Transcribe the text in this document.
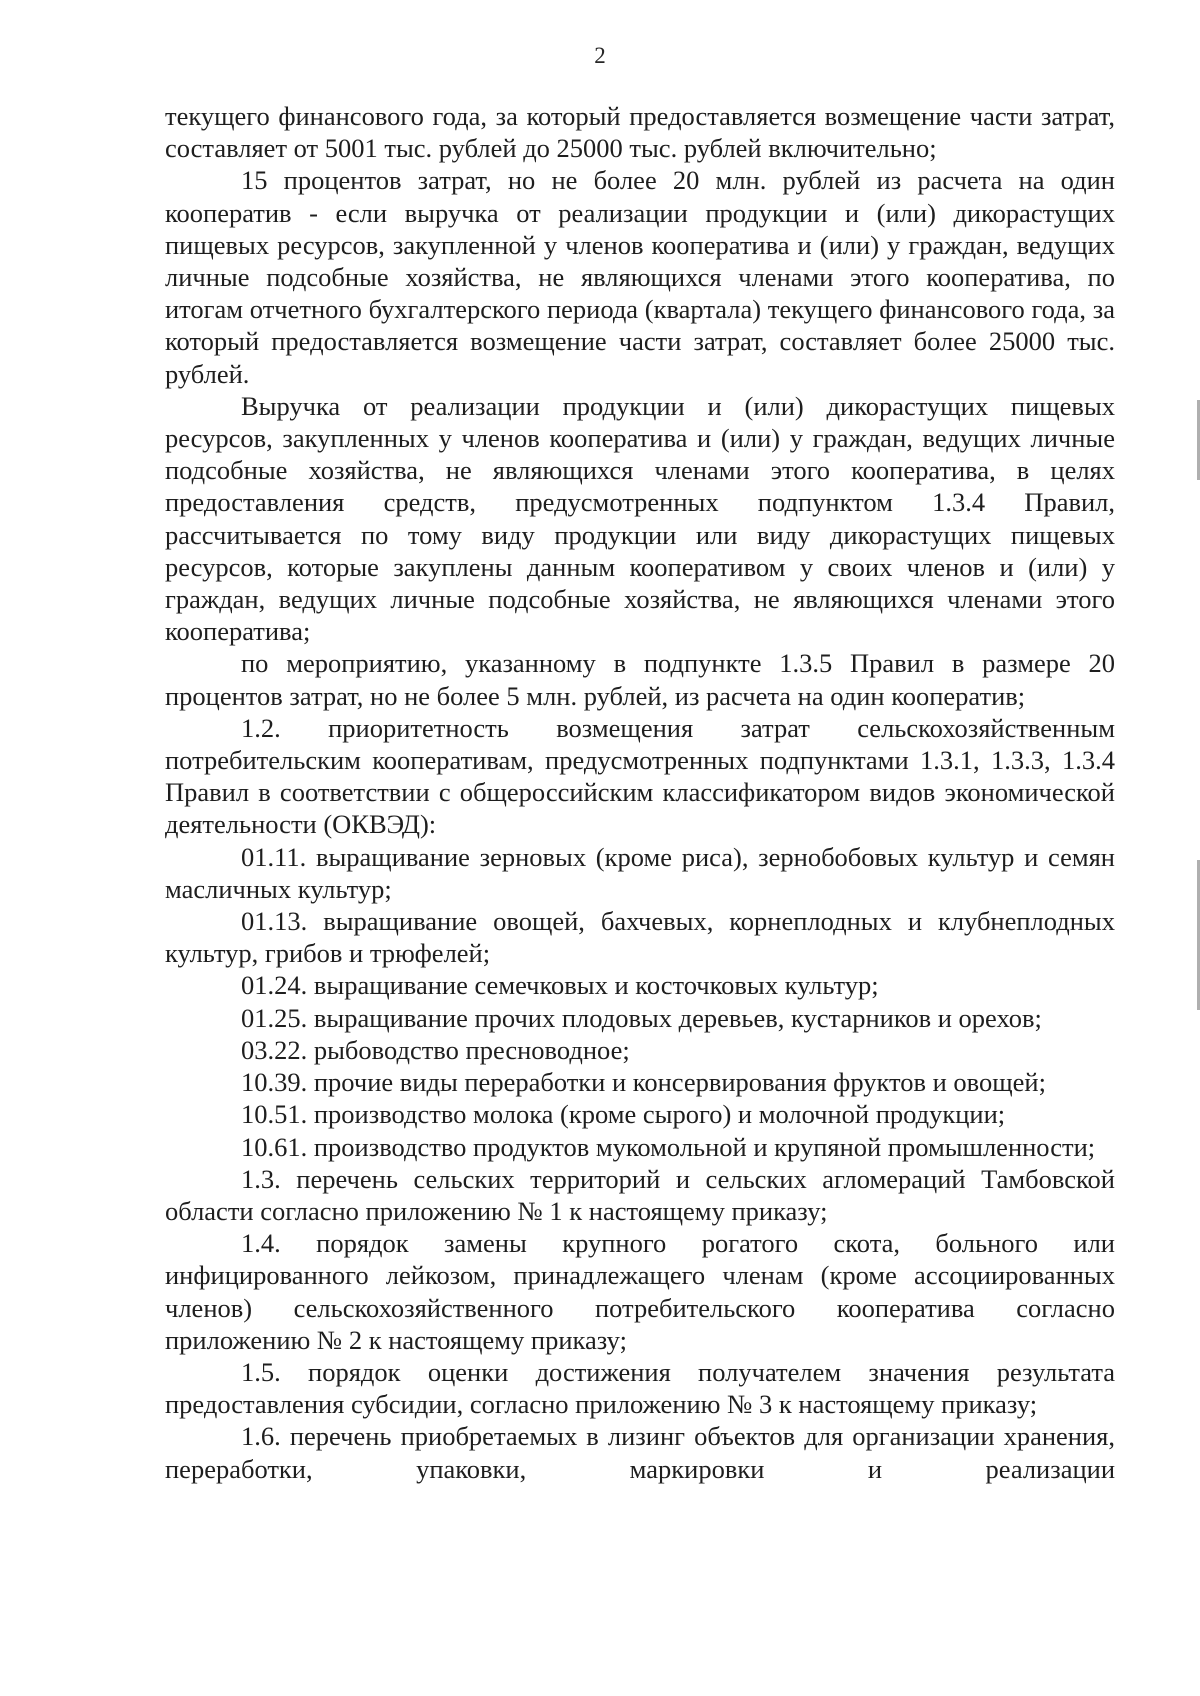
2

текущего финансового года, за который предоставляется возмещение части затрат, составляет от 5001 тыс. рублей до 25000 тыс. рублей включительно;

15 процентов затрат, но не более 20 млн. рублей из расчета на один кооператив - если выручка от реализации продукции и (или) дикорастущих пищевых ресурсов, закупленной у членов кооператива и (или) у граждан, ведущих личные подсобные хозяйства, не являющихся членами этого кооператива, по итогам отчетного бухгалтерского периода (квартала) текущего финансового года, за который предоставляется возмещение части затрат, составляет более 25000 тыс. рублей.

Выручка от реализации продукции и (или) дикорастущих пищевых ресурсов, закупленных у членов кооператива и (или) у граждан, ведущих личные подсобные хозяйства, не являющихся членами этого кооператива, в целях предоставления средств, предусмотренных подпунктом 1.3.4 Правил, рассчитывается по тому виду продукции или виду дикорастущих пищевых ресурсов, которые закуплены данным кооперативом у своих членов и (или) у граждан, ведущих личные подсобные хозяйства, не являющихся членами этого кооператива;

по мероприятию, указанному в подпункте 1.3.5 Правил в размере 20 процентов затрат, но не более 5 млн. рублей, из расчета на один кооператив;

1.2. приоритетность возмещения затрат сельскохозяйственным потребительским кооперативам, предусмотренных подпунктами 1.3.1, 1.3.3, 1.3.4 Правил в соответствии с общероссийским классификатором видов экономической деятельности (ОКВЭД):

01.11. выращивание зерновых (кроме риса), зернобобовых культур и семян масличных культур;

01.13. выращивание овощей, бахчевых, корнеплодных и клубнеплодных культур, грибов и трюфелей;

01.24. выращивание семечковых и косточковых культур;

01.25. выращивание прочих плодовых деревьев, кустарников и орехов;

03.22. рыбоводство пресноводное;

10.39. прочие виды переработки и консервирования фруктов и овощей;

10.51. производство молока (кроме сырого) и молочной продукции;

10.61. производство продуктов мукомольной и крупяной промышленности;

1.3. перечень сельских территорий и сельских агломераций Тамбовской области согласно приложению № 1 к настоящему приказу;

1.4. порядок замены крупного рогатого скота, больного или инфицированного лейкозом, принадлежащего членам (кроме ассоциированных членов) сельскохозяйственного потребительского кооператива согласно приложению № 2 к настоящему приказу;

1.5. порядок оценки достижения получателем значения результата предоставления субсидии, согласно приложению № 3 к настоящему приказу;

1.6. перечень приобретаемых в лизинг объектов для организации хранения, переработки, упаковки, маркировки и реализации
